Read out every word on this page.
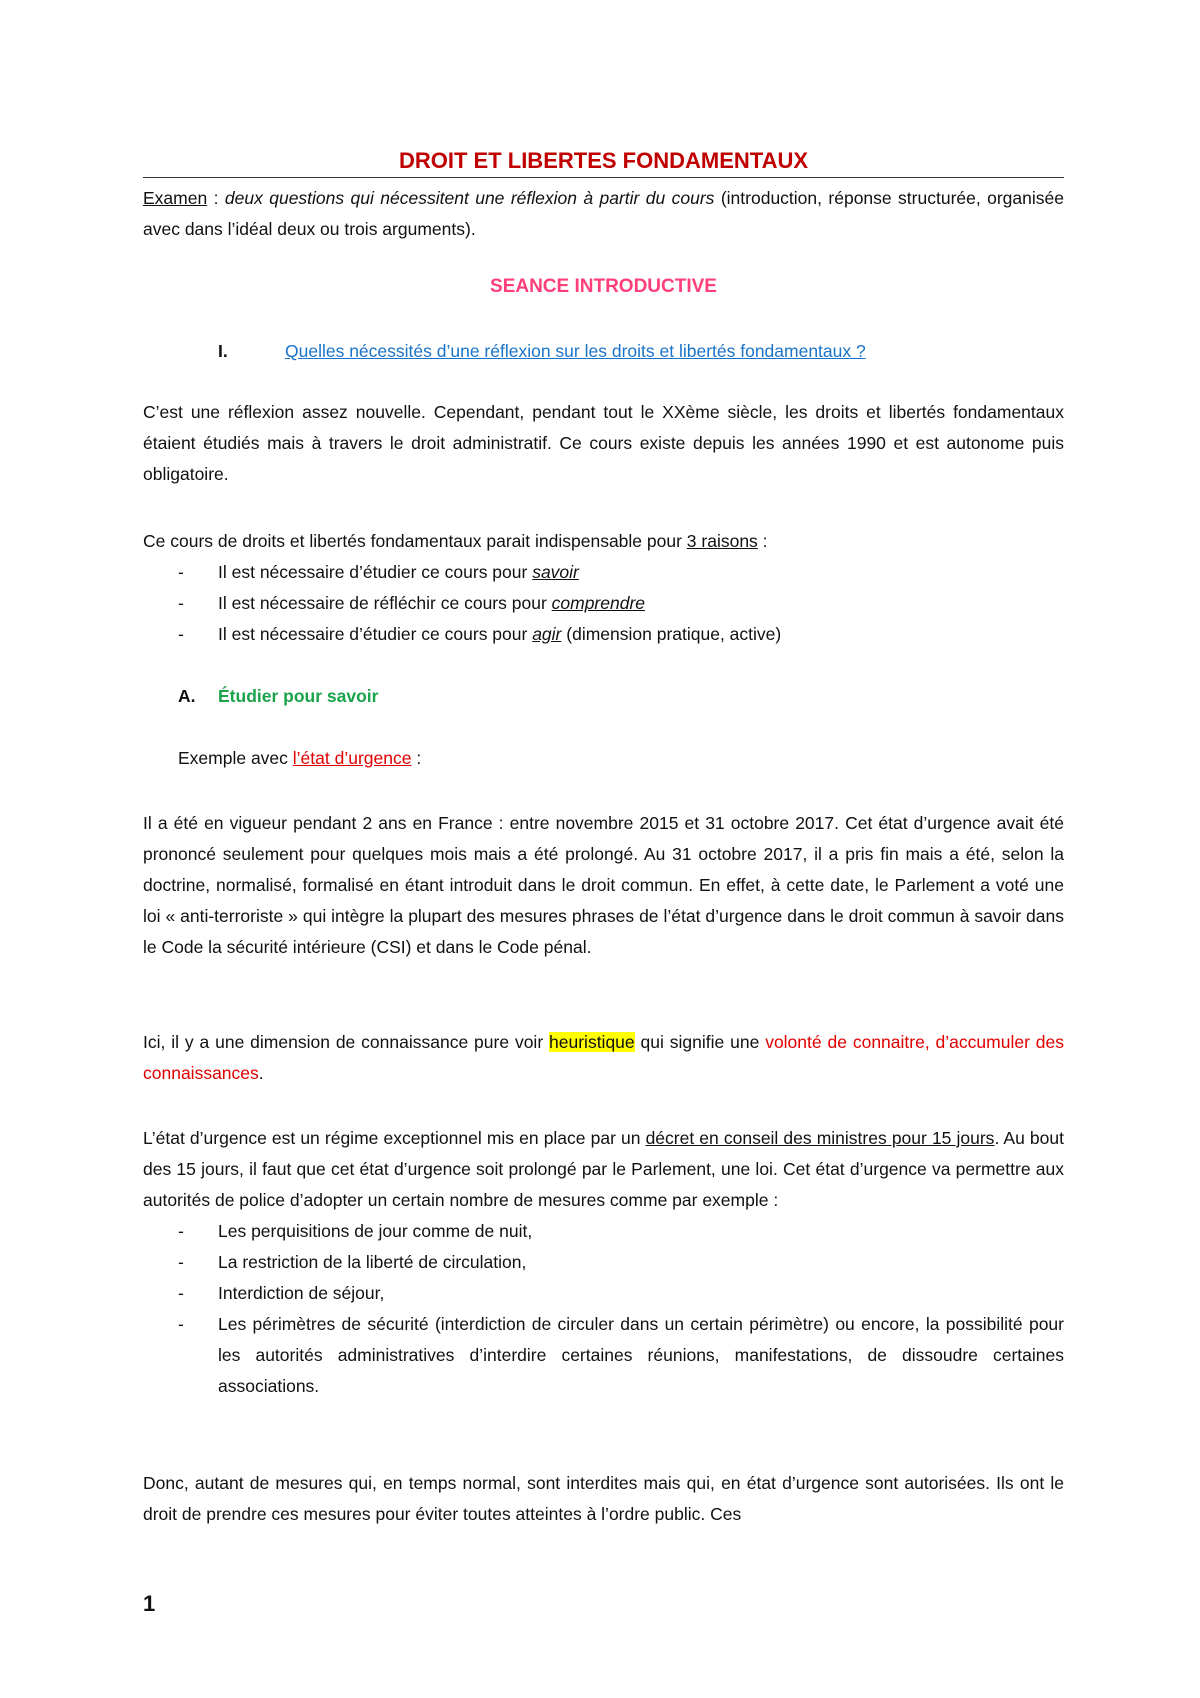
DROIT ET LIBERTES FONDAMENTAUX
Examen : deux questions qui nécessitent une réflexion à partir du cours (introduction, réponse structurée, organisée avec dans l’idéal deux ou trois arguments).
SEANCE INTRODUCTIVE
I.	Quelles nécessités d’une réflexion sur les droits et libertés fondamentaux ?
C’est une réflexion assez nouvelle. Cependant, pendant tout le XXème siècle, les droits et libertés fondamentaux étaient étudiés mais à travers le droit administratif. Ce cours existe depuis les années 1990 et est autonome puis obligatoire.
Ce cours de droits et libertés fondamentaux parait indispensable pour 3 raisons :
-	Il est nécessaire d’étudier ce cours pour savoir
-	Il est nécessaire de réfléchir ce cours pour comprendre
-	Il est nécessaire d’étudier ce cours pour agir (dimension pratique, active)
A. Étudier pour savoir
Exemple avec l’état d’urgence :
Il a été en vigueur pendant 2 ans en France : entre novembre 2015 et 31 octobre 2017. Cet état d’urgence avait été prononcé seulement pour quelques mois mais a été prolongé. Au 31 octobre 2017, il a pris fin mais a été, selon la doctrine, normalisé, formalisé en étant introduit dans le droit commun. En effet, à cette date, le Parlement a voté une loi « anti-terroriste » qui intègre la plupart des mesures phrases de l’état d’urgence dans le droit commun à savoir dans le Code la sécurité intérieure (CSI) et dans le Code pénal.
Ici, il y a une dimension de connaissance pure voir heuristique qui signifie une volonté de connaitre, d’accumuler des connaissances.
L’état d’urgence est un régime exceptionnel mis en place par un décret en conseil des ministres pour 15 jours. Au bout des 15 jours, il faut que cet état d’urgence soit prolongé par le Parlement, une loi. Cet état d’urgence va permettre aux autorités de police d’adopter un certain nombre de mesures comme par exemple :
-	Les perquisitions de jour comme de nuit,
-	La restriction de la liberté de circulation,
-	Interdiction de séjour,
-	Les périmètres de sécurité (interdiction de circuler dans un certain périmètre) ou encore, la possibilité pour les autorités administratives d’interdire certaines réunions, manifestations, de dissoudre certaines associations.
Donc, autant de mesures qui, en temps normal, sont interdites mais qui, en état d’urgence sont autorisées. Ils ont le droit de prendre ces mesures pour éviter toutes atteintes à l’ordre public. Ces
1
